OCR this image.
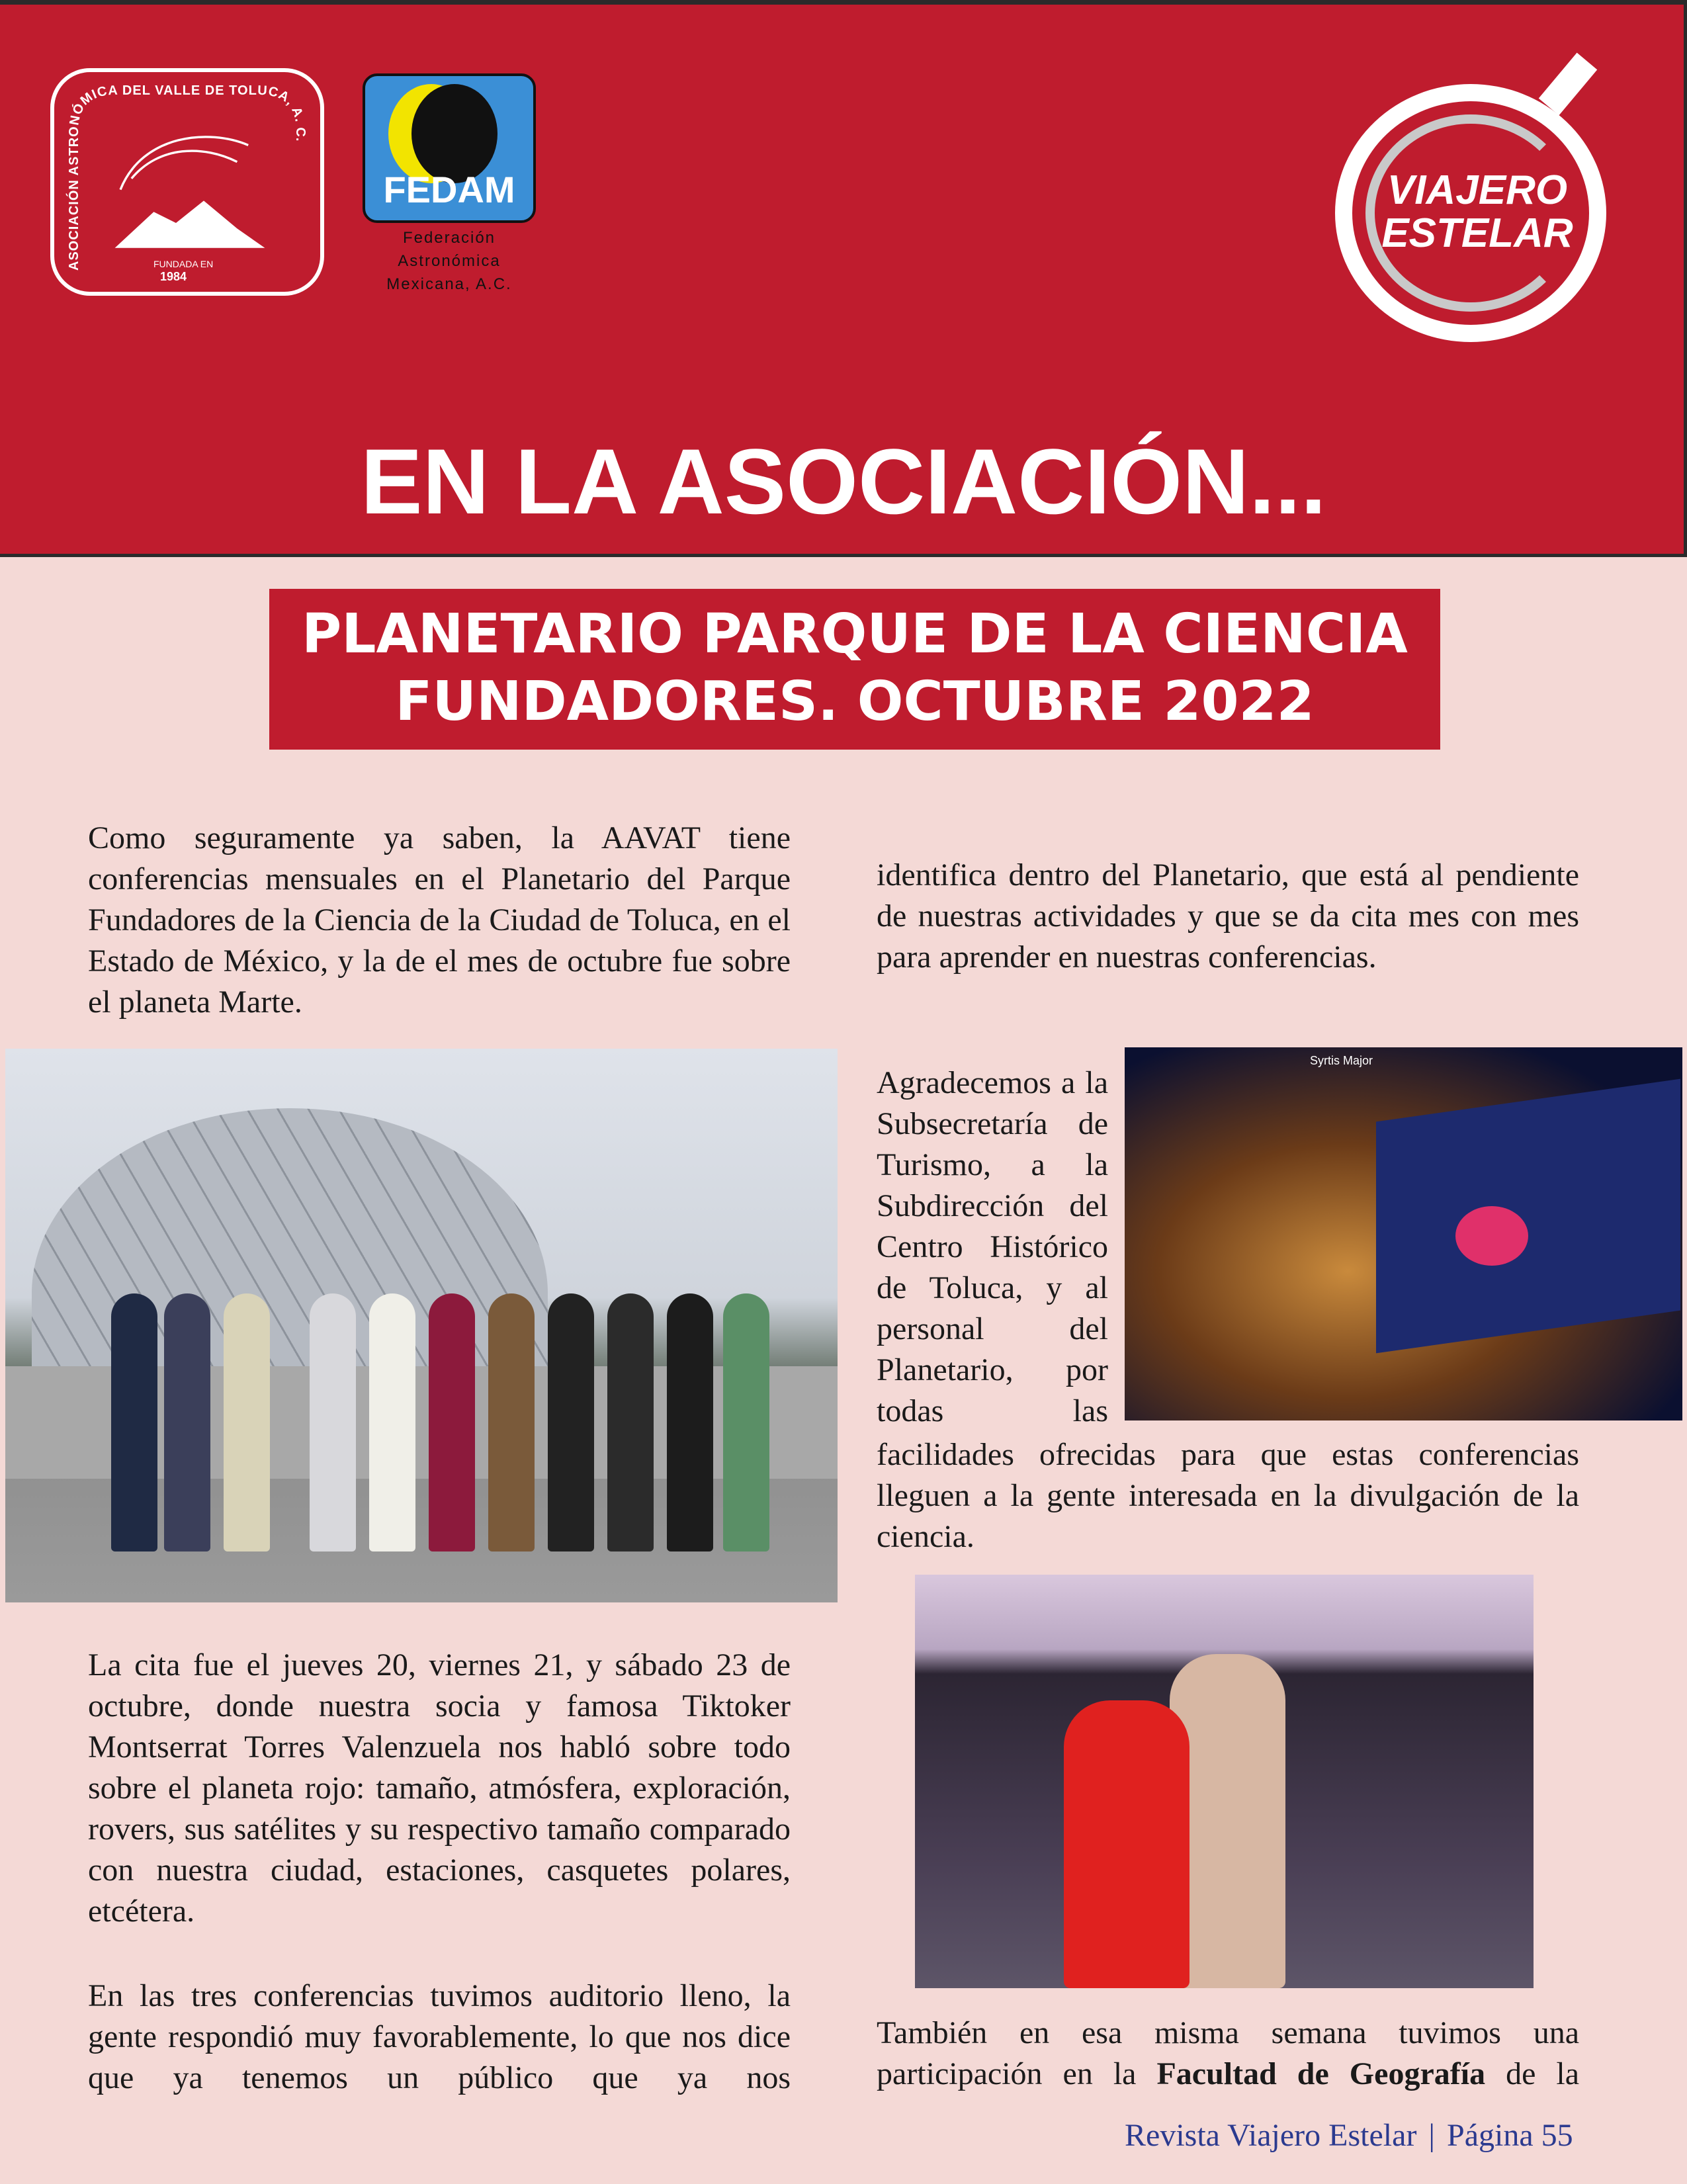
ASOCIACIÓN ASTRONÓMICA DEL VALLE DE TOLUCA, A. C.
FUNDADA EN
1984
FEDAM
Federación
Astronómica
Mexicana, A.C.
VIAJERO
ESTELAR
EN LA ASOCIACIÓN...
PLANETARIO PARQUE DE LA CIENCIA
FUNDADORES. OCTUBRE 2022
Como seguramente ya saben, la AAVAT tiene conferencias mensuales en el Planetario del Parque Fundadores de la Ciencia de la Ciudad de Toluca, en el Estado de México, y la de el mes de octubre fue sobre el planeta Marte.
La cita fue el jueves 20, viernes 21, y sábado 23 de octubre, donde nuestra socia y famosa Tiktoker Montserrat Torres Valenzuela nos habló sobre todo sobre el planeta rojo: tamaño, atmósfera, exploración, rovers, sus satélites y su respectivo tamaño comparado con nuestra ciudad, estaciones, casquetes polares, etcétera.
En las tres conferencias tuvimos auditorio lleno, la gente respondió muy favorablemente, lo que nos dice que ya tenemos un público que ya nos
identifica dentro del Planetario, que está al pendiente de nuestras actividades y que se da cita mes con mes para aprender en nuestras conferencias.
Agradecemos a la Subsecretaría de Turismo, a la Subdirección del Centro Histórico de Toluca, y al personal del Planetario, por todas las
facilidades ofrecidas para que estas conferencias lleguen a la gente interesada en la divulgación de la ciencia.
Syrtis Major
También en esa misma semana tuvimos una participación en la Facultad de Geografía de la
Revista Viajero Estelar | Página 55
